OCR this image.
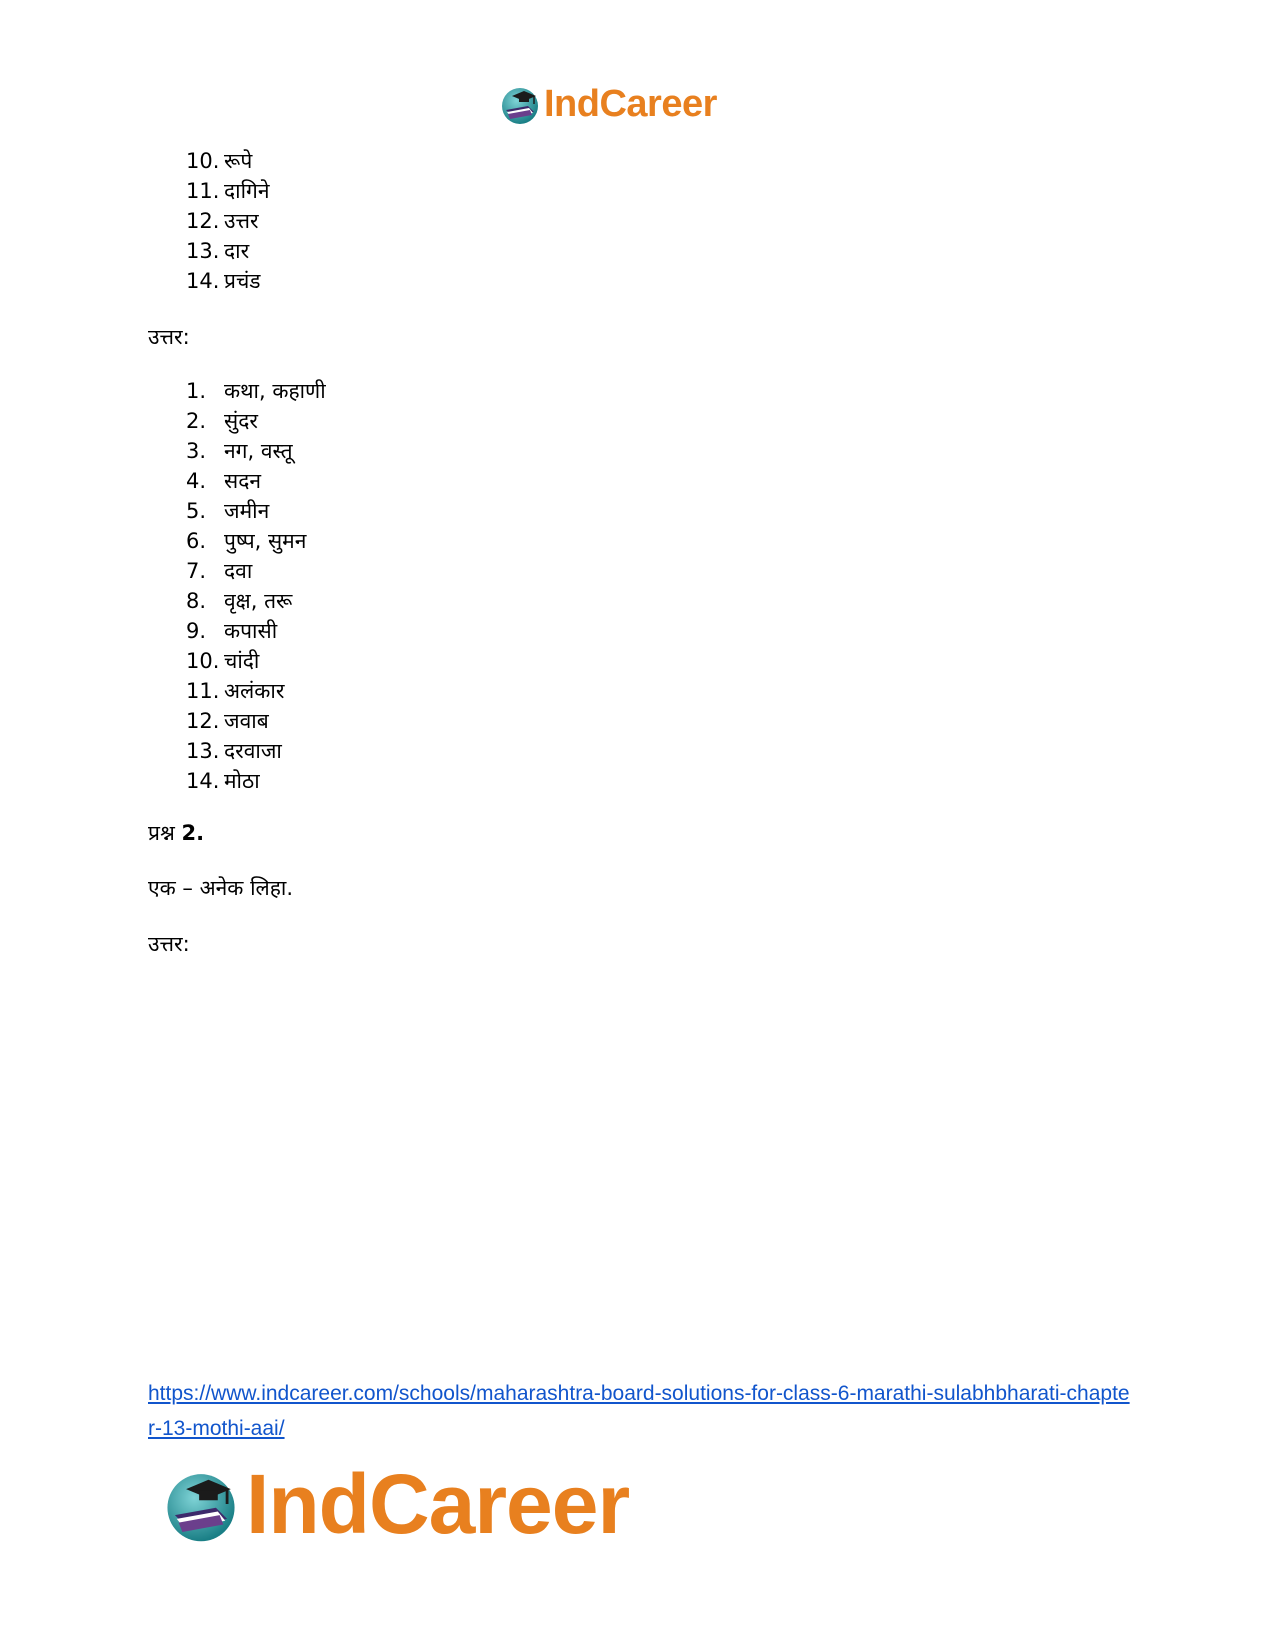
IndCareer
10. रूपे
11. दागिने
12. उत्तर
13. दार
14. प्रचंड
उत्तर:
1. कथा, कहाणी
2. सुंदर
3. नग, वस्तू
4. सदन
5. जमीन
6. पुष्प, सुमन
7. दवा
8. वृक्ष, तरू
9. कपासी
10. चांदी
11. अलंकार
12. जवाब
13. दरवाजा
14. मोठा
प्रश्न 2.
एक – अनेक लिहा.
उत्तर:
https://www.indcareer.com/schools/maharashtra-board-solutions-for-class-6-marathi-sulabhbharati-chapter-13-mothi-aai/
IndCareer
